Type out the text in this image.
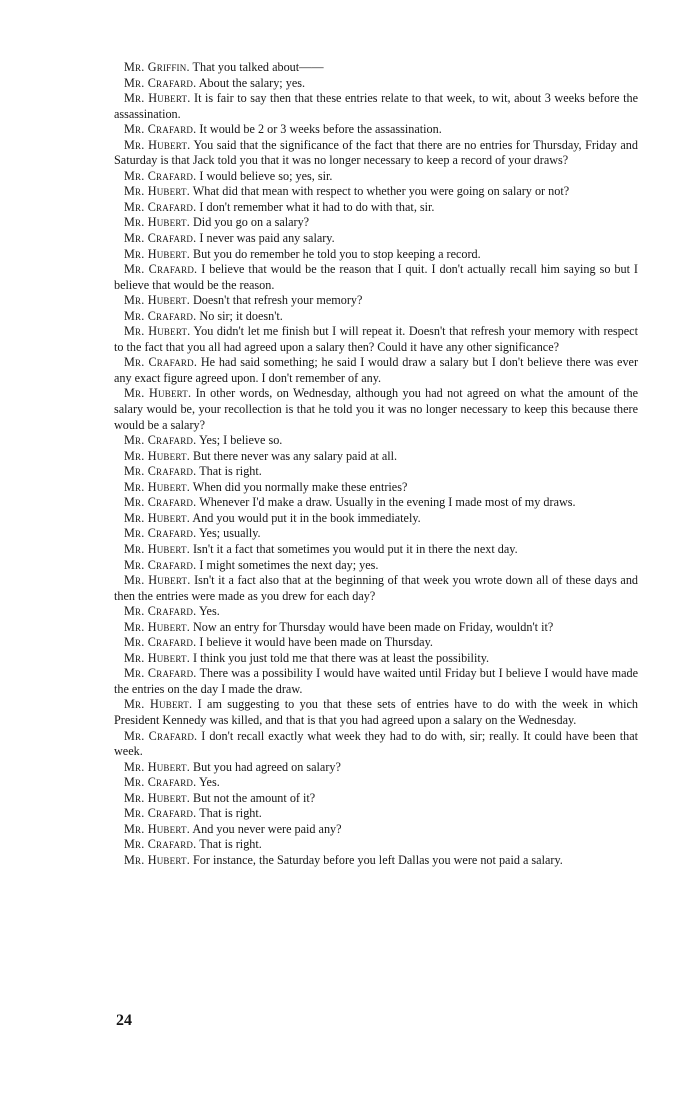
Mr. Griffin. That you talked about——

Mr. Crafard. About the salary; yes.

Mr. Hubert. It is fair to say then that these entries relate to that week, to wit, about 3 weeks before the assassination.

Mr. Crafard. It would be 2 or 3 weeks before the assassination.

Mr. Hubert. You said that the significance of the fact that there are no entries for Thursday, Friday and Saturday is that Jack told you that it was no longer necessary to keep a record of your draws?

Mr. Crafard. I would believe so; yes, sir.

Mr. Hubert. What did that mean with respect to whether you were going on salary or not?

Mr. Crafard. I don't remember what it had to do with that, sir.

Mr. Hubert. Did you go on a salary?

Mr. Crafard. I never was paid any salary.

Mr. Hubert. But you do remember he told you to stop keeping a record.

Mr. Crafard. I believe that would be the reason that I quit. I don't actually recall him saying so but I believe that would be the reason.

Mr. Hubert. Doesn't that refresh your memory?

Mr. Crafard. No sir; it doesn't.

Mr. Hubert. You didn't let me finish but I will repeat it. Doesn't that refresh your memory with respect to the fact that you all had agreed upon a salary then? Could it have any other significance?

Mr. Crafard. He had said something; he said I would draw a salary but I don't believe there was ever any exact figure agreed upon. I don't remember of any.

Mr. Hubert. In other words, on Wednesday, although you had not agreed on what the amount of the salary would be, your recollection is that he told you it was no longer necessary to keep this because there would be a salary?

Mr. Crafard. Yes; I believe so.

Mr. Hubert. But there never was any salary paid at all.

Mr. Crafard. That is right.

Mr. Hubert. When did you normally make these entries?

Mr. Crafard. Whenever I'd make a draw. Usually in the evening I made most of my draws.

Mr. Hubert. And you would put it in the book immediately.

Mr. Crafard. Yes; usually.

Mr. Hubert. Isn't it a fact that sometimes you would put it in there the next day.

Mr. Crafard. I might sometimes the next day; yes.

Mr. Hubert. Isn't it a fact also that at the beginning of that week you wrote down all of these days and then the entries were made as you drew for each day?

Mr. Crafard. Yes.

Mr. Hubert. Now an entry for Thursday would have been made on Friday, wouldn't it?

Mr. Crafard. I believe it would have been made on Thursday.

Mr. Hubert. I think you just told me that there was at least the possibility.

Mr. Crafard. There was a possibility I would have waited until Friday but I believe I would have made the entries on the day I made the draw.

Mr. Hubert. I am suggesting to you that these sets of entries have to do with the week in which President Kennedy was killed, and that is that you had agreed upon a salary on the Wednesday.

Mr. Crafard. I don't recall exactly what week they had to do with, sir; really. It could have been that week.

Mr. Hubert. But you had agreed on salary?

Mr. Crafard. Yes.

Mr. Hubert. But not the amount of it?

Mr. Crafard. That is right.

Mr. Hubert. And you never were paid any?

Mr. Crafard. That is right.

Mr. Hubert. For instance, the Saturday before you left Dallas you were not paid a salary.

24
